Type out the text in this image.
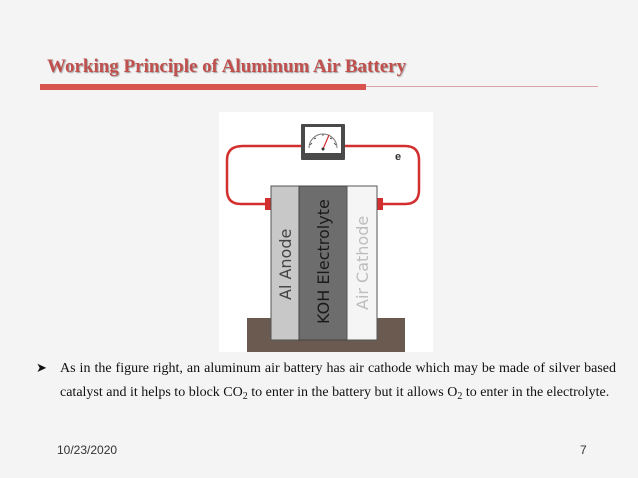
Working Principle of Aluminum Air Battery
e
Al Anode KOH Electrolyte Air Cathode
➤ As in the figure right, an aluminum air battery has air cathode which may be made of silver based catalyst and it helps to block $CO_2$ to enter in the battery but it allows $O_2$ to enter in the electrolyte.

10/23/2020	7
